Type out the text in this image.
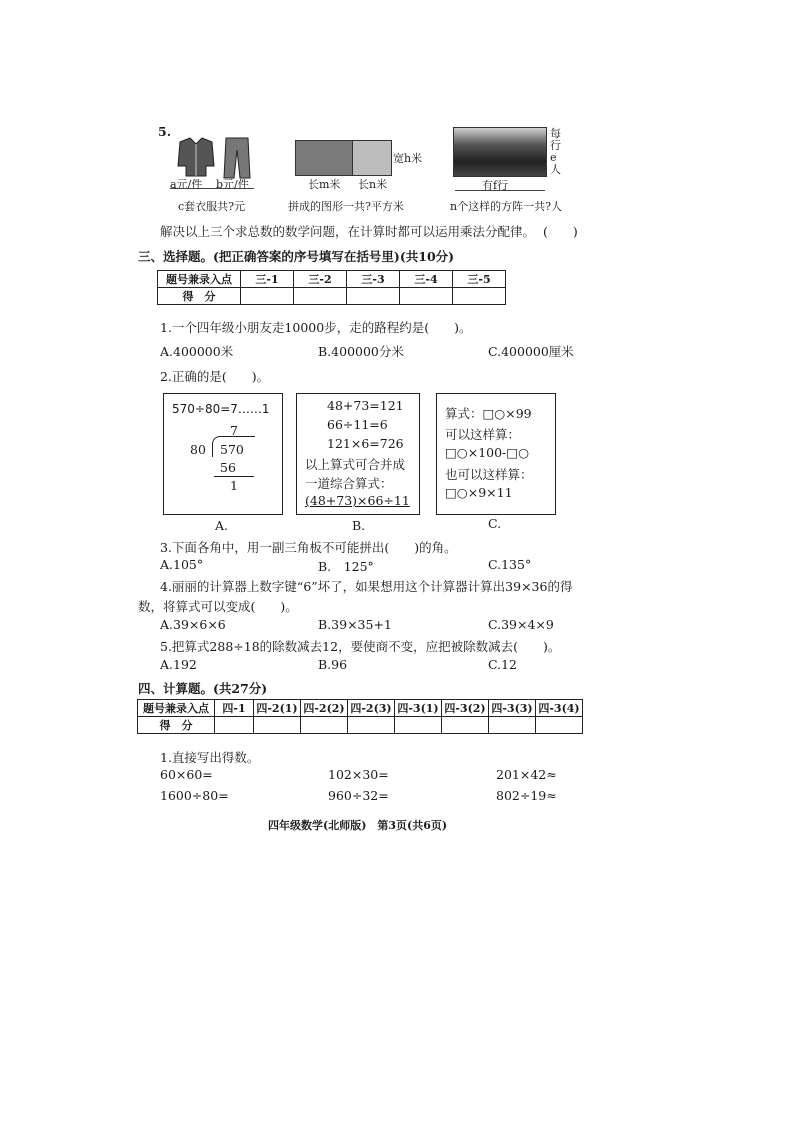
5.
a元/件 b元/件
c套衣服共?元
宽h米
长m米 长n米
拼成的图形一共?平方米
每行e人
有f行
n个这样的方阵一共?人
解决以上三个求总数的数学问题，在计算时都可以运用乘法分配律。 (　　)
三、选择题。(把正确答案的序号填写在括号里)(共10分)
题号兼录入点	三-1	三-2	三-3	三-4	三-5
得　分					
1.一个四年级小朋友走10000步，走的路程约是(　　)。
A.400000米	B.400000分米	C.400000厘米
2.正确的是(　　)。
570÷80=7……1
7
80 570
56
1
A.
48+73=121
66÷11=6
121×6=726
以上算式可合并成
一道综合算式：
(48+73)×66÷11
B.
算式：□○×99
可以这样算：
□○×100-□○
也可以这样算：
□○×9×11
C.
3.下面各角中，用一副三角板不可能拼出(　　)的角。
A.105°	B.　125°	C.135°
4.丽丽的计算器上数字键“6”坏了，如果想用这个计算器计算出39×36的得
数，将算式可以变成(　　)。
A.39×6×6	B.39×35+1	C.39×4×9
5.把算式288÷18的除数减去12，要使商不变，应把被除数减去(　　)。
A.192	B.96	C.12
四、计算题。(共27分)
题号兼录入点	四-1	四-2(1)	四-2(2)	四-2(3)	四-3(1)	四-3(2)	四-3(3)	四-3(4)
得　分								
1.直接写出得数。
60×60=	102×30=	201×42≈
1600÷80=	960÷32=	802÷19≈
四年级数学(北师版)　第3页(共6页)
